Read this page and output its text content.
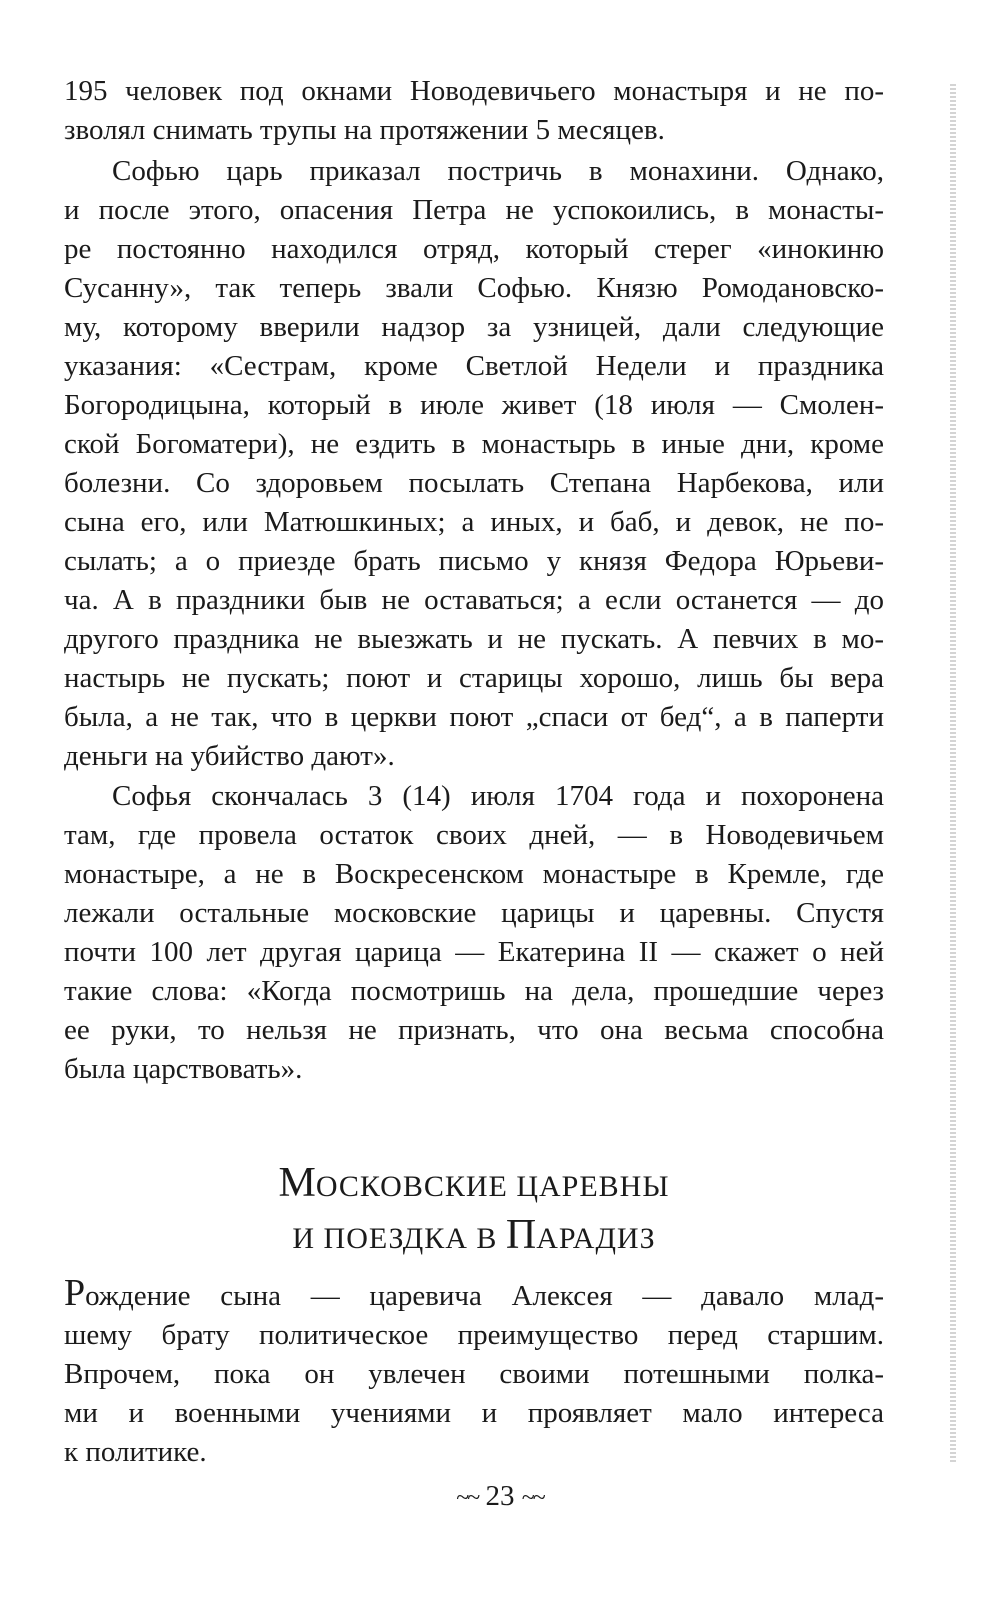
195 человек под окнами Новодевичьего монастыря и не по-
зволял снимать трупы на протяжении 5 месяцев.
Софью царь приказал постричь в монахини. Однако,
и после этого, опасения Петра не успокоились, в монасты-
ре постоянно находился отряд, который стерег «инокиню
Сусанну», так теперь звали Софью. Князю Ромодановско-
му, которому вверили надзор за узницей, дали следующие
указания: «Сестрам, кроме Светлой Недели и праздника
Богородицына, который в июле живет (18 июля — Смолен-
ской Богоматери), не ездить в монастырь в иные дни, кроме
болезни. Со здоровьем посылать Степана Нарбекова, или
сына его, или Матюшкиных; а иных, и баб, и девок, не по-
сылать; а о приезде брать письмо у князя Федора Юрьеви-
ча. А в праздники быв не оставаться; а если останется — до
другого праздника не выезжать и не пускать. А певчих в мо-
настырь не пускать; поют и старицы хорошо, лишь бы вера
была, а не так, что в церкви поют „спаси от бед“, а в паперти
деньги на убийство дают».
Софья скончалась 3 (14) июля 1704 года и похоронена
там, где провела остаток своих дней, — в Новодевичьем
монастыре, а не в Воскресенском монастыре в Кремле, где
лежали остальные московские царицы и царевны. Спустя
почти 100 лет другая царица — Екатерина II — скажет о ней
такие слова: «Когда посмотришь на дела, прошедшие через
ее руки, то нельзя не признать, что она весьма способна
была царствовать».
МОСКОВСКИЕ ЦАРЕВНЫ
И ПОЕЗДКА В ПАРАДИЗ
Рождение сына — царевича Алексея — давало млад-
шему брату политическое преимущество перед старшим.
Впрочем, пока он увлечен своими потешными полка-
ми и военными учениями и проявляет мало интереса
к политике.
~~ 23 ~~
